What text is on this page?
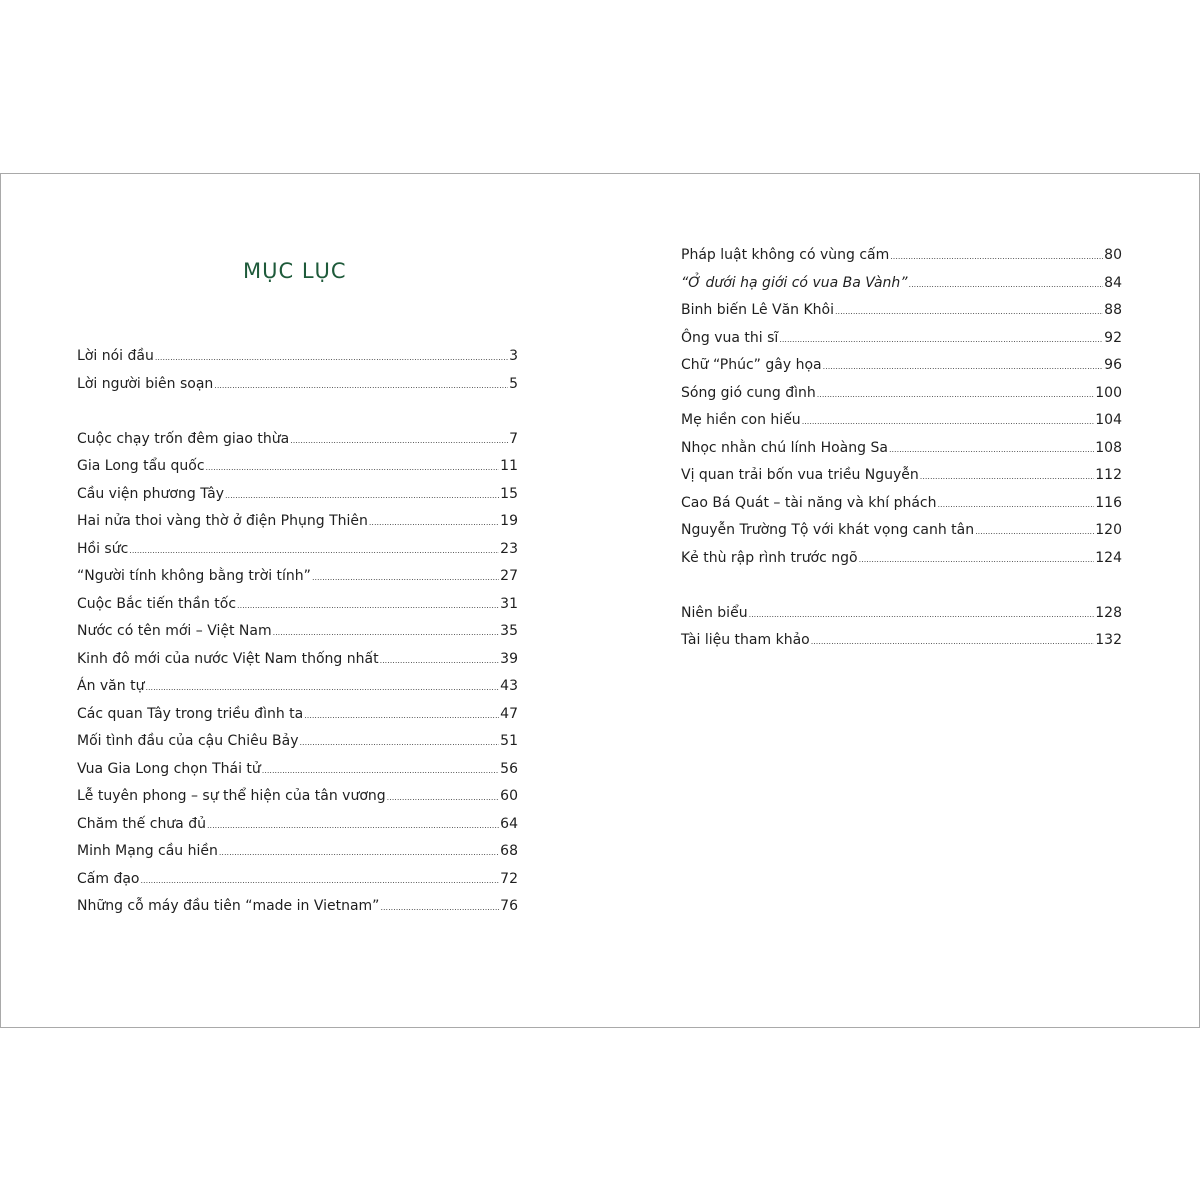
MỤC LỤC
Lời nói đầu .....	3
Lời người biên soạn .....	5
Cuộc chạy trốn đêm giao thừa .....	7
Gia Long tẩu quốc .....	11
Cầu viện phương Tây .....	15
Hai nửa thoi vàng thờ ở điện Phụng Thiên .....	19
Hồi sức .....	23
“Người tính không bằng trời tính” .....	27
Cuộc Bắc tiến thần tốc .....	31
Nước có tên mới – Việt Nam .....	35
Kinh đô mới của nước Việt Nam thống nhất .....	39
Án văn tự .....	43
Các quan Tây trong triều đình ta .....	47
Mối tình đầu của cậu Chiêu Bảy .....	51
Vua Gia Long chọn Thái tử .....	56
Lễ tuyên phong – sự thể hiện của tân vương .....	60
Chăm thế chưa đủ .....	64
Minh Mạng cầu hiền .....	68
Cấm đạo .....	72
Những cỗ máy đầu tiên “made in Vietnam” .....	76
Pháp luật không có vùng cấm .....	80
“Ở dưới hạ giới có vua Ba Vành” .....	84
Binh biến Lê Văn Khôi .....	88
Ông vua thi sĩ .....	92
Chữ “Phúc” gây họa .....	96
Sóng gió cung đình .....	100
Mẹ hiền con hiếu .....	104
Nhọc nhằn chú lính Hoàng Sa .....	108
Vị quan trải bốn vua triều Nguyễn .....	112
Cao Bá Quát – tài năng và khí phách .....	116
Nguyễn Trường Tộ với khát vọng canh tân .....	120
Kẻ thù rập rình trước ngõ .....	124
Niên biểu .....	128
Tài liệu tham khảo .....	132
